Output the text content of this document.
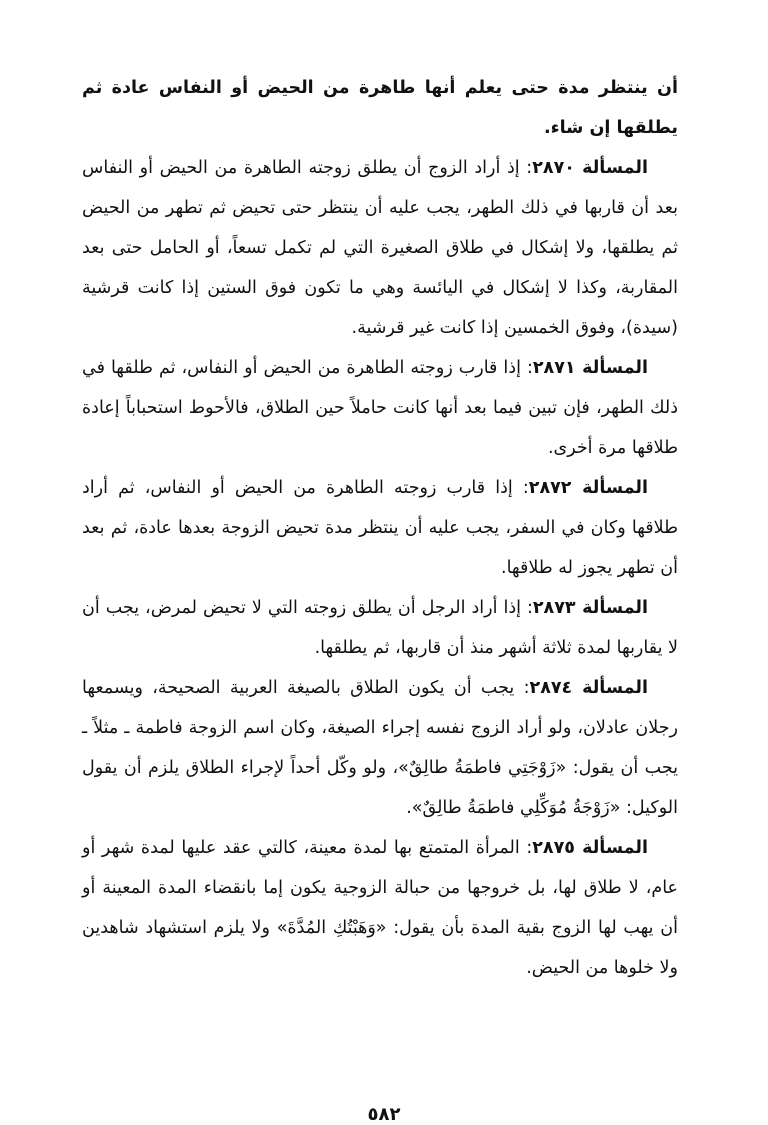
أن ينتظر مدة حتى يعلم أنها طاهرة من الحيض أو النفاس عادة ثم يطلقها إن شاء.

المسألة ٢٨٧٠: إذ أراد الزوج أن يطلق زوجته الطاهرة من الحيض أو النفاس بعد أن قاربها في ذلك الطهر، يجب عليه أن ينتظر حتى تحيض ثم تطهر من الحيض ثم يطلقها، ولا إشكال في طلاق الصغيرة التي لم تكمل تسعاً، أو الحامل حتى بعد المقاربة، وكذا لا إشكال في اليائسة وهي ما تكون فوق الستين إذا كانت قرشية (سيدة)، وفوق الخمسين إذا كانت غير قرشية.

المسألة ٢٨٧١: إذا قارب زوجته الطاهرة من الحيض أو النفاس، ثم طلقها في ذلك الطهر، فإن تبين فيما بعد أنها كانت حاملاً حين الطلاق، فالأحوط استحباباً إعادة طلاقها مرة أخرى.

المسألة ٢٨٧٢: إذا قارب زوجته الطاهرة من الحيض أو النفاس، ثم أراد طلاقها وكان في السفر، يجب عليه أن ينتظر مدة تحيض الزوجة بعدها عادة، ثم بعد أن تطهر يجوز له طلاقها.

المسألة ٢٨٧٣: إذا أراد الرجل أن يطلق زوجته التي لا تحيض لمرض، يجب أن لا يقاربها لمدة ثلاثة أشهر منذ أن قاربها، ثم يطلقها.

المسألة ٢٨٧٤: يجب أن يكون الطلاق بالصيغة العربية الصحيحة، ويسمعها رجلان عادلان، ولو أراد الزوج نفسه إجراء الصيغة، وكان اسم الزوجة فاطمة ـ مثلاً ـ يجب أن يقول: «زَوْجَتِي فاطمَةُ طالِقٌ»، ولو وكّل أحداً لإجراء الطلاق يلزم أن يقول الوكيل: «زَوْجَةُ مُوَكِّلِي فاطمَةُ طالِقٌ».

المسألة ٢٨٧٥: المرأة المتمتع بها لمدة معينة، كالتي عقد عليها لمدة شهر أو عام، لا طلاق لها، بل خروجها من حبالة الزوجية يكون إما بانقضاء المدة المعينة أو أن يهب لها الزوج بقية المدة بأن يقول: «وَهَبْتُكِ المُدَّةَ» ولا يلزم استشهاد شاهدين ولا خلوها من الحيض.

٥٨٢
